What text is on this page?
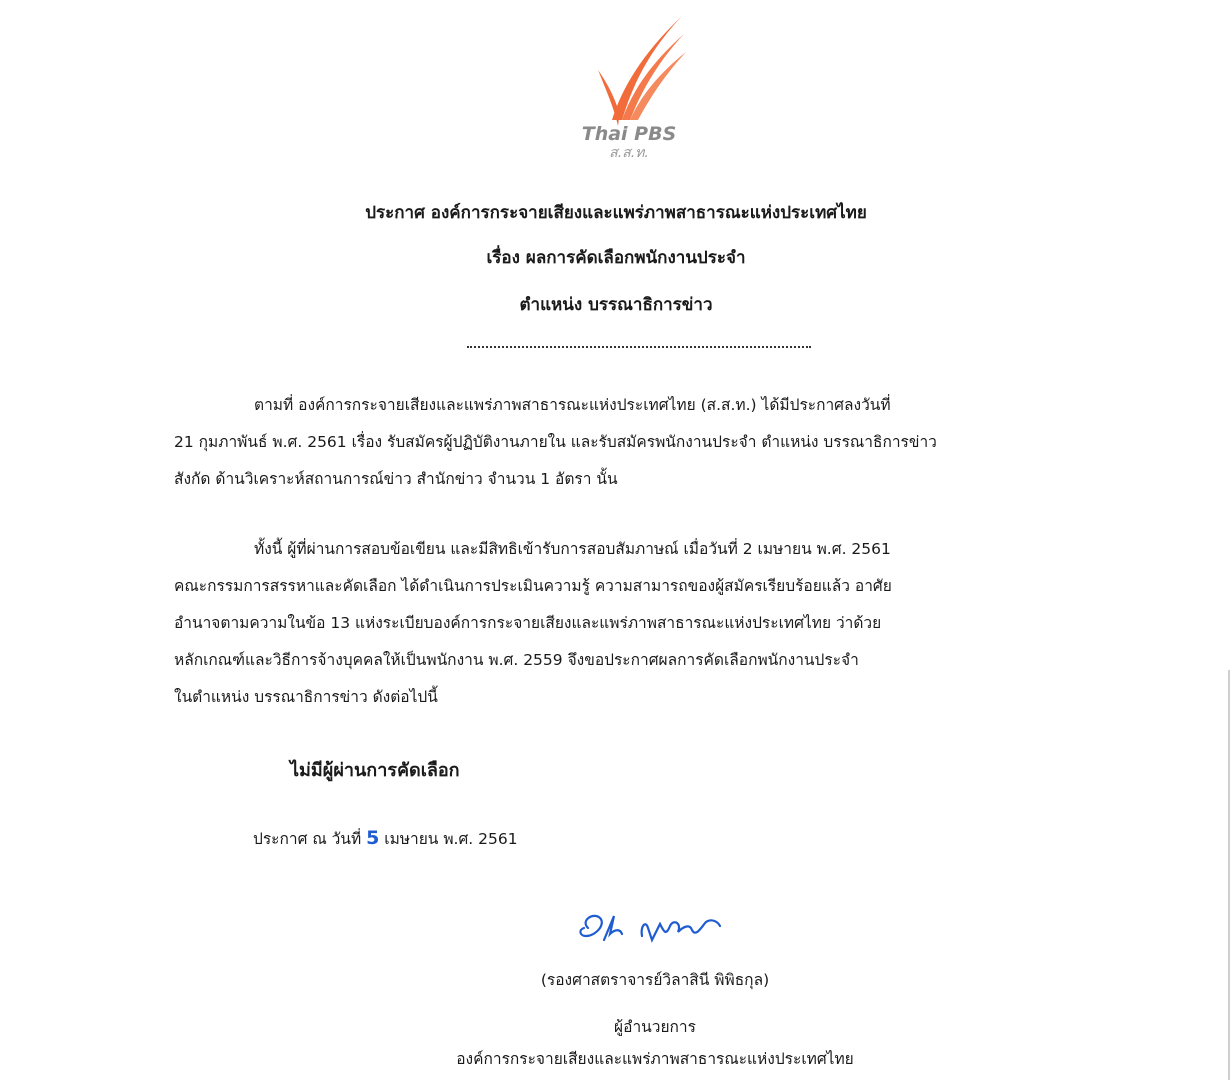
Thai PBS
ส.ส.ท.
ประกาศ องค์การกระจายเสียงและแพร่ภาพสาธารณะแห่งประเทศไทย
เรื่อง ผลการคัดเลือกพนักงานประจำ
ตำแหน่ง บรรณาธิการข่าว
ตามที่ องค์การกระจายเสียงและแพร่ภาพสาธารณะแห่งประเทศไทย (ส.ส.ท.) ได้มีประกาศลงวันที่
21 กุมภาพันธ์ พ.ศ. 2561 เรื่อง รับสมัครผู้ปฏิบัติงานภายใน และรับสมัครพนักงานประจำ ตำแหน่ง บรรณาธิการข่าว
สังกัด ด้านวิเคราะห์สถานการณ์ข่าว สำนักข่าว จำนวน 1 อัตรา นั้น
ทั้งนี้ ผู้ที่ผ่านการสอบข้อเขียน และมีสิทธิเข้ารับการสอบสัมภาษณ์ เมื่อวันที่ 2 เมษายน พ.ศ. 2561
คณะกรรมการสรรหาและคัดเลือก ได้ดำเนินการประเมินความรู้ ความสามารถของผู้สมัครเรียบร้อยแล้ว อาศัย
อำนาจตามความในข้อ 13 แห่งระเบียบองค์การกระจายเสียงและแพร่ภาพสาธารณะแห่งประเทศไทย ว่าด้วย
หลักเกณฑ์และวิธีการจ้างบุคคลให้เป็นพนักงาน พ.ศ. 2559 จึงขอประกาศผลการคัดเลือกพนักงานประจำ
ในตำแหน่ง บรรณาธิการข่าว ดังต่อไปนี้
ไม่มีผู้ผ่านการคัดเลือก
ประกาศ ณ วันที่ 5 เมษายน พ.ศ. 2561
(รองศาสตราจารย์วิลาสินี พิพิธกุล)
ผู้อำนวยการ
องค์การกระจายเสียงและแพร่ภาพสาธารณะแห่งประเทศไทย
